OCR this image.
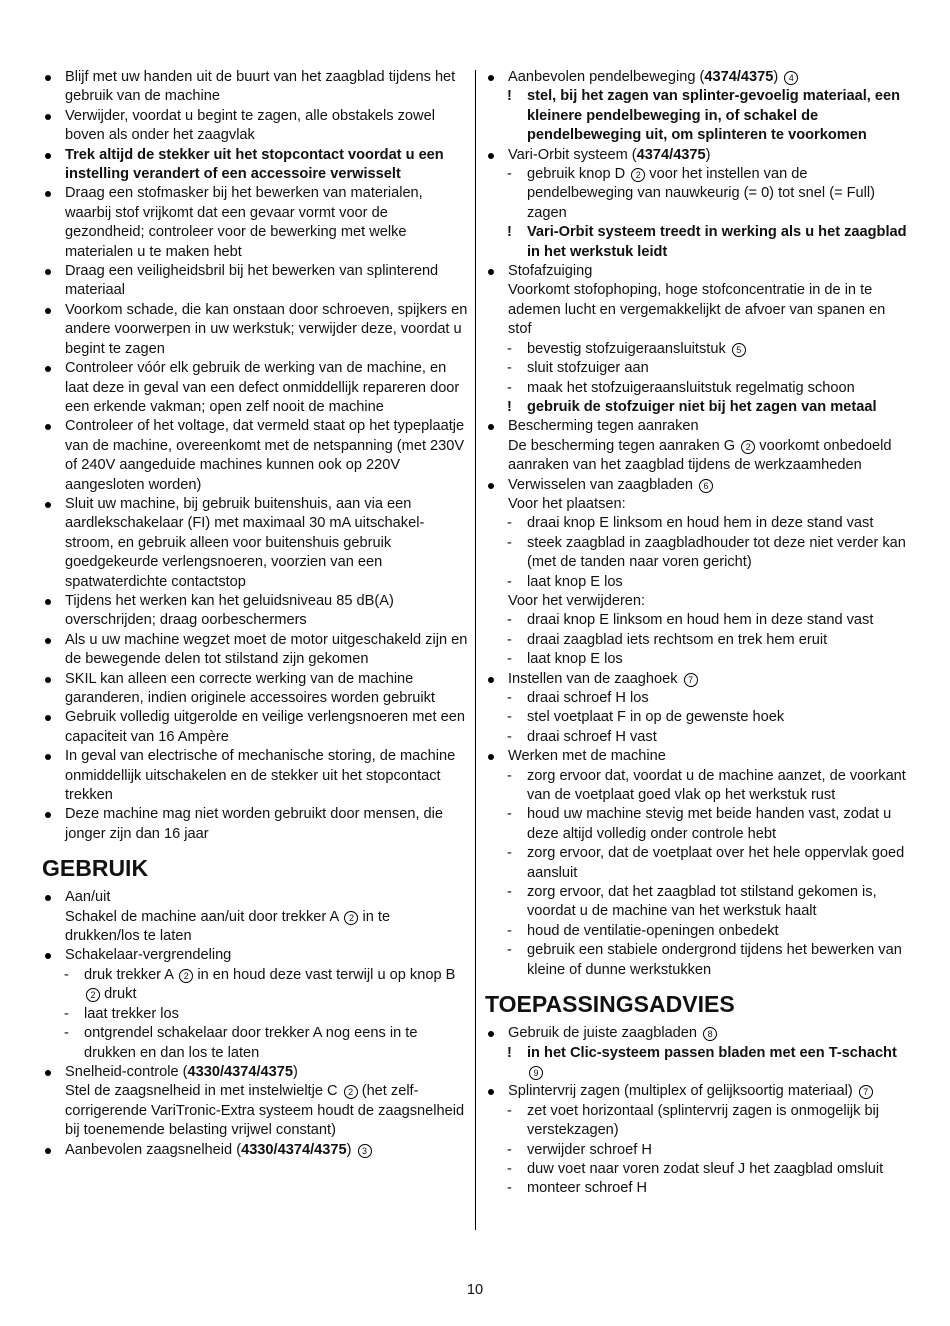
Blijf met uw handen uit de buurt van het zaagblad tijdens het gebruik van de machine
Verwijder, voordat u begint te zagen, alle obstakels zowel boven als onder het zaagvlak
Trek altijd de stekker uit het stopcontact voordat u een instelling verandert of een accessoire verwisselt
Draag een stofmasker bij het bewerken van materialen, waarbij stof vrijkomt dat een gevaar vormt voor de gezondheid; controleer voor de bewerking met welke materialen u te maken hebt
Draag een veiligheidsbril bij het bewerken van splinterend materiaal
Voorkom schade, die kan onstaan door schroeven, spijkers en andere voorwerpen in uw werkstuk; verwijder deze, voordat u begint te zagen
Controleer vóór elk gebruik de werking van de machine, en laat deze in geval van een defect onmiddellijk repareren door een erkende vakman; open zelf nooit de machine
Controleer of het voltage, dat vermeld staat op het typeplaatje van de machine, overeenkomt met de netspanning (met 230V of 240V aangeduide machines kunnen ook op 220V aangesloten worden)
Sluit uw machine, bij gebruik buitenshuis, aan via een aardlekschakelaar (FI) met maximaal 30 mA uitschakel-stroom, en gebruik alleen voor buitenshuis gebruik goedgekeurde verlengsnoeren, voorzien van een spatwaterdichte contactstop
Tijdens het werken kan het geluidsniveau 85 dB(A) overschrijden; draag oorbeschermers
Als u uw machine wegzet moet de motor uitgeschakeld zijn en de bewegende delen tot stilstand zijn gekomen
SKIL kan alleen een correcte werking van de machine garanderen, indien originele accessoires worden gebruikt
Gebruik volledig uitgerolde en veilige verlengsnoeren met een capaciteit van 16 Ampère
In geval van electrische of mechanische storing, de machine onmiddellijk uitschakelen en de stekker uit het stopcontact trekken
Deze machine mag niet worden gebruikt door mensen, die jonger zijn dan 16 jaar
GEBRUIK
Aan/uit
Schakel de machine aan/uit door trekker A 2 in te drukken/los te laten
Schakelaar-vergrendeling
- druk trekker A 2 in en houd deze vast terwijl u op knop B 2 drukt
- laat trekker los
- ontgrendel schakelaar door trekker A nog eens in te drukken en dan los te laten
Snelheid-controle (4330/4374/4375)
Stel de zaagsnelheid in met instelwieltje C 2 (het zelf-corrigerende VariTronic-Extra systeem houdt de zaagsnelheid bij toenemende belasting vrijwel constant)
Aanbevolen zaagsnelheid (4330/4374/4375) 3
Aanbevolen pendelbeweging (4374/4375) 4
! stel, bij het zagen van splinter-gevoelig materiaal, een kleinere pendelbeweging in, of schakel de pendelbeweging uit, om splinteren te voorkomen
Vari-Orbit systeem (4374/4375)
- gebruik knop D 2 voor het instellen van de pendelbeweging van nauwkeurig (= 0) tot snel (= Full) zagen
! Vari-Orbit systeem treedt in werking als u het zaagblad in het werkstuk leidt
Stofafzuiging
Voorkomt stofophoping, hoge stofconcentratie in de in te ademen lucht en vergemakkelijkt de afvoer van spanen en stof
- bevestig stofzuigeraansluitstuk 5
- sluit stofzuiger aan
- maak het stofzuigeraansluitstuk regelmatig schoon
! gebruik de stofzuiger niet bij het zagen van metaal
Bescherming tegen aanraken
De bescherming tegen aanraken G 2 voorkomt onbedoeld aanraken van het zaagblad tijdens de werkzaamheden
Verwisselen van zaagbladen 6
Voor het plaatsen:
- draai knop E linksom en houd hem in deze stand vast
- steek zaagblad in zaagbladhouder tot deze niet verder kan (met de tanden naar voren gericht)
- laat knop E los
Voor het verwijderen:
- draai knop E linksom en houd hem in deze stand vast
- draai zaagblad iets rechtsom en trek hem eruit
- laat knop E los
Instellen van de zaaghoek 7
- draai schroef H los
- stel voetplaat F in op de gewenste hoek
- draai schroef H vast
Werken met de machine
- zorg ervoor dat, voordat u de machine aanzet, de voorkant van de voetplaat goed vlak op het werkstuk rust
- houd uw machine stevig met beide handen vast, zodat u deze altijd volledig onder controle hebt
- zorg ervoor, dat de voetplaat over het hele oppervlak goed aansluit
- zorg ervoor, dat het zaagblad tot stilstand gekomen is, voordat u de machine van het werkstuk haalt
- houd de ventilatie-openingen onbedekt
- gebruik een stabiele ondergrond tijdens het bewerken van kleine of dunne werkstukken
TOEPASSINGSADVIES
Gebruik de juiste zaagbladen 8
! in het Clic-systeem passen bladen met een T-schacht 9
Splintervrij zagen (multiplex of gelijksoortig materiaal) 7
- zet voet horizontaal (splintervrij zagen is onmogelijk bij verstekzagen)
- verwijder schroef H
- duw voet naar voren zodat sleuf J het zaagblad omsluit
- monteer schroef H
10
